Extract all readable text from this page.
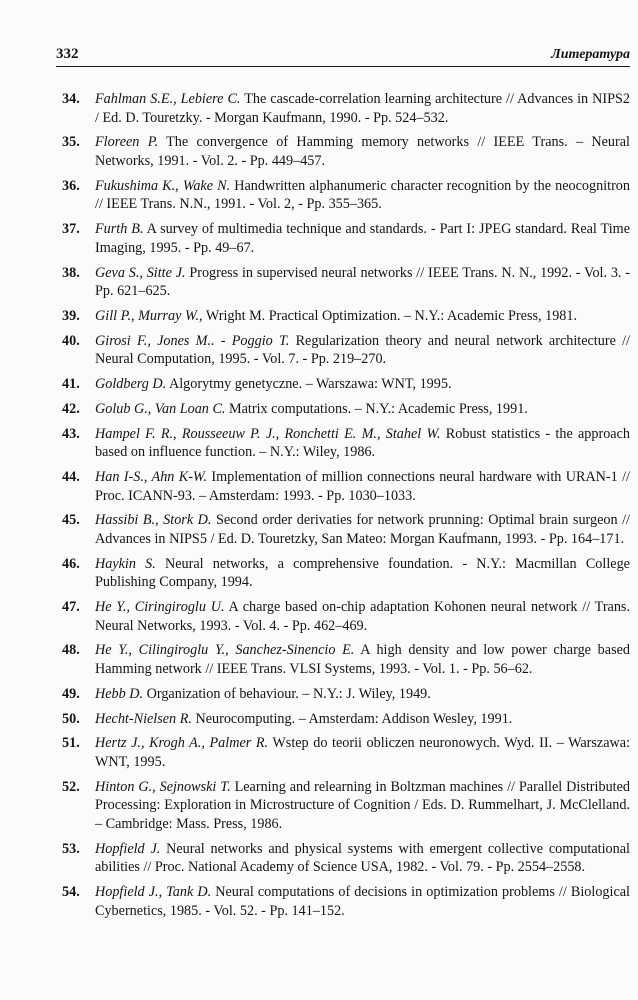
332	Литература
34. Fahlman S.E., Lebiere C. The cascade-correlation learning architecture // Advances in NIPS2 / Ed. D. Touretzky. - Morgan Kaufmann, 1990. - Pp. 524–532.
35. Floreen P. The convergence of Hamming memory networks // IEEE Trans. – Neural Networks, 1991. - Vol. 2. - Pp. 449–457.
36. Fukushima K., Wake N. Handwritten alphanumeric character recognition by the neocognitron // IEEE Trans. N.N., 1991. - Vol. 2, - Pp. 355–365.
37. Furth B. A survey of multimedia technique and standards. - Part I: JPEG standard. Real Time Imaging, 1995. - Pp. 49–67.
38. Geva S., Sitte J. Progress in supervised neural networks // IEEE Trans. N. N., 1992. - Vol. 3. - Pp. 621–625.
39. Gill P., Murray W., Wright M. Practical Optimization. – N.Y.: Academic Press, 1981.
40. Girosi F., Jones M.. - Poggio T. Regularization theory and neural network architecture // Neural Computation, 1995. - Vol. 7. - Pp. 219–270.
41. Goldberg D. Algorytmy genetyczne. – Warszawa: WNT, 1995.
42. Golub G., Van Loan C. Matrix computations. – N.Y.: Academic Press, 1991.
43. Hampel F. R., Rousseeuw P. J., Ronchetti E. M., Stahel W. Robust statistics - the approach based on influence function. – N.Y.: Wiley, 1986.
44. Han I-S., Ahn K-W. Implementation of million connections neural hardware with URAN-1 // Proc. ICANN-93. – Amsterdam: 1993. - Pp. 1030–1033.
45. Hassibi B., Stork D. Second order derivaties for network prunning: Optimal brain surgeon // Advances in NIPS5 / Ed. D. Touretzky, San Mateo: Morgan Kaufmann, 1993. - Pp. 164–171.
46. Haykin S. Neural networks, a comprehensive foundation. - N.Y.: Macmillan College Publishing Company, 1994.
47. He Y., Ciringiroglu U. A charge based on-chip adaptation Kohonen neural network // Trans. Neural Networks, 1993. - Vol. 4. - Pp. 462–469.
48. He Y., Cilingiroglu Y., Sanchez-Sinencio E. A high density and low power charge based Hamming network // IEEE Trans. VLSI Systems, 1993. - Vol. 1. - Pp. 56–62.
49. Hebb D. Organization of behaviour. – N.Y.: J. Wiley, 1949.
50. Hecht-Nielsen R. Neurocomputing. – Amsterdam: Addison Wesley, 1991.
51. Hertz J., Krogh A., Palmer R. Wstep do teorii obliczen neuronowych. Wyd. II. – Warszawa: WNT, 1995.
52. Hinton G., Sejnowski T. Learning and relearning in Boltzman machines // Parallel Distributed Processing: Exploration in Microstructure of Cognition / Eds. D. Rummelhart, J. McClelland. – Cambridge: Mass. Press, 1986.
53. Hopfield J. Neural networks and physical systems with emergent collective computational abilities // Proc. National Academy of Science USA, 1982. - Vol. 79. - Pp. 2554–2558.
54. Hopfield J., Tank D. Neural computations of decisions in optimization problems // Biological Cybernetics, 1985. - Vol. 52. - Pp. 141–152.
